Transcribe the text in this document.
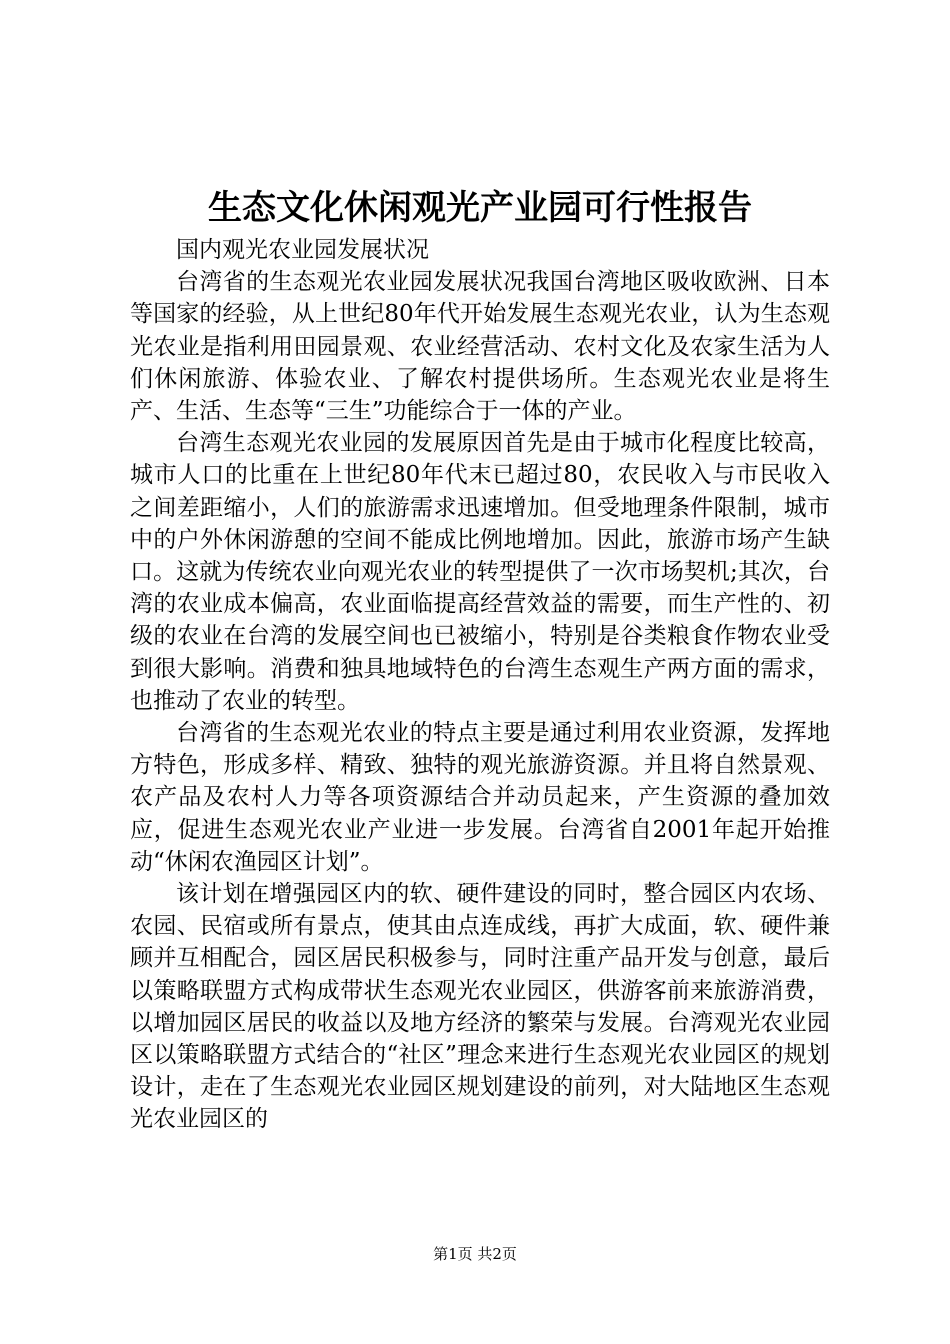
生态文化休闲观光产业园可行性报告

国内观光农业园发展状况

台湾省的生态观光农业园发展状况我国台湾地区吸收欧洲、日本等国家的经验，从上世纪80年代开始发展生态观光农业，认为生态观光农业是指利用田园景观、农业经营活动、农村文化及农家生活为人们休闲旅游、体验农业、了解农村提供场所。生态观光农业是将生产、生活、生态等“三生”功能综合于一体的产业。

台湾生态观光农业园的发展原因首先是由于城市化程度比较高，城市人口的比重在上世纪80年代末已超过80，农民收入与市民收入之间差距缩小，人们的旅游需求迅速增加。但受地理条件限制，城市中的户外休闲游憩的空间不能成比例地增加。因此，旅游市场产生缺口。这就为传统农业向观光农业的转型提供了一次市场契机;其次，台湾的农业成本偏高，农业面临提高经营效益的需要，而生产性的、初级的农业在台湾的发展空间也已被缩小，特别是谷类粮食作物农业受到很大影响。消费和独具地域特色的台湾生态观生产两方面的需求，也推动了农业的转型。

台湾省的生态观光农业的特点主要是通过利用农业资源，发挥地方特色，形成多样、精致、独特的观光旅游资源。并且将自然景观、农产品及农村人力等各项资源结合并动员起来，产生资源的叠加效应，促进生态观光农业产业进一步发展。台湾省自2001年起开始推动“休闲农渔园区计划”。

该计划在增强园区内的软、硬件建设的同时，整合园区内农场、农园、民宿或所有景点，使其由点连成线，再扩大成面，软、硬件兼顾并互相配合，园区居民积极参与，同时注重产品开发与创意，最后以策略联盟方式构成带状生态观光农业园区，供游客前来旅游消费，以增加园区居民的收益以及地方经济的繁荣与发展。台湾观光农业园区以策略联盟方式结合的“社区”理念来进行生态观光农业园区的规划设计，走在了生态观光农业园区规划建设的前列，对大陆地区生态观光农业园区的

第1页 共2页
